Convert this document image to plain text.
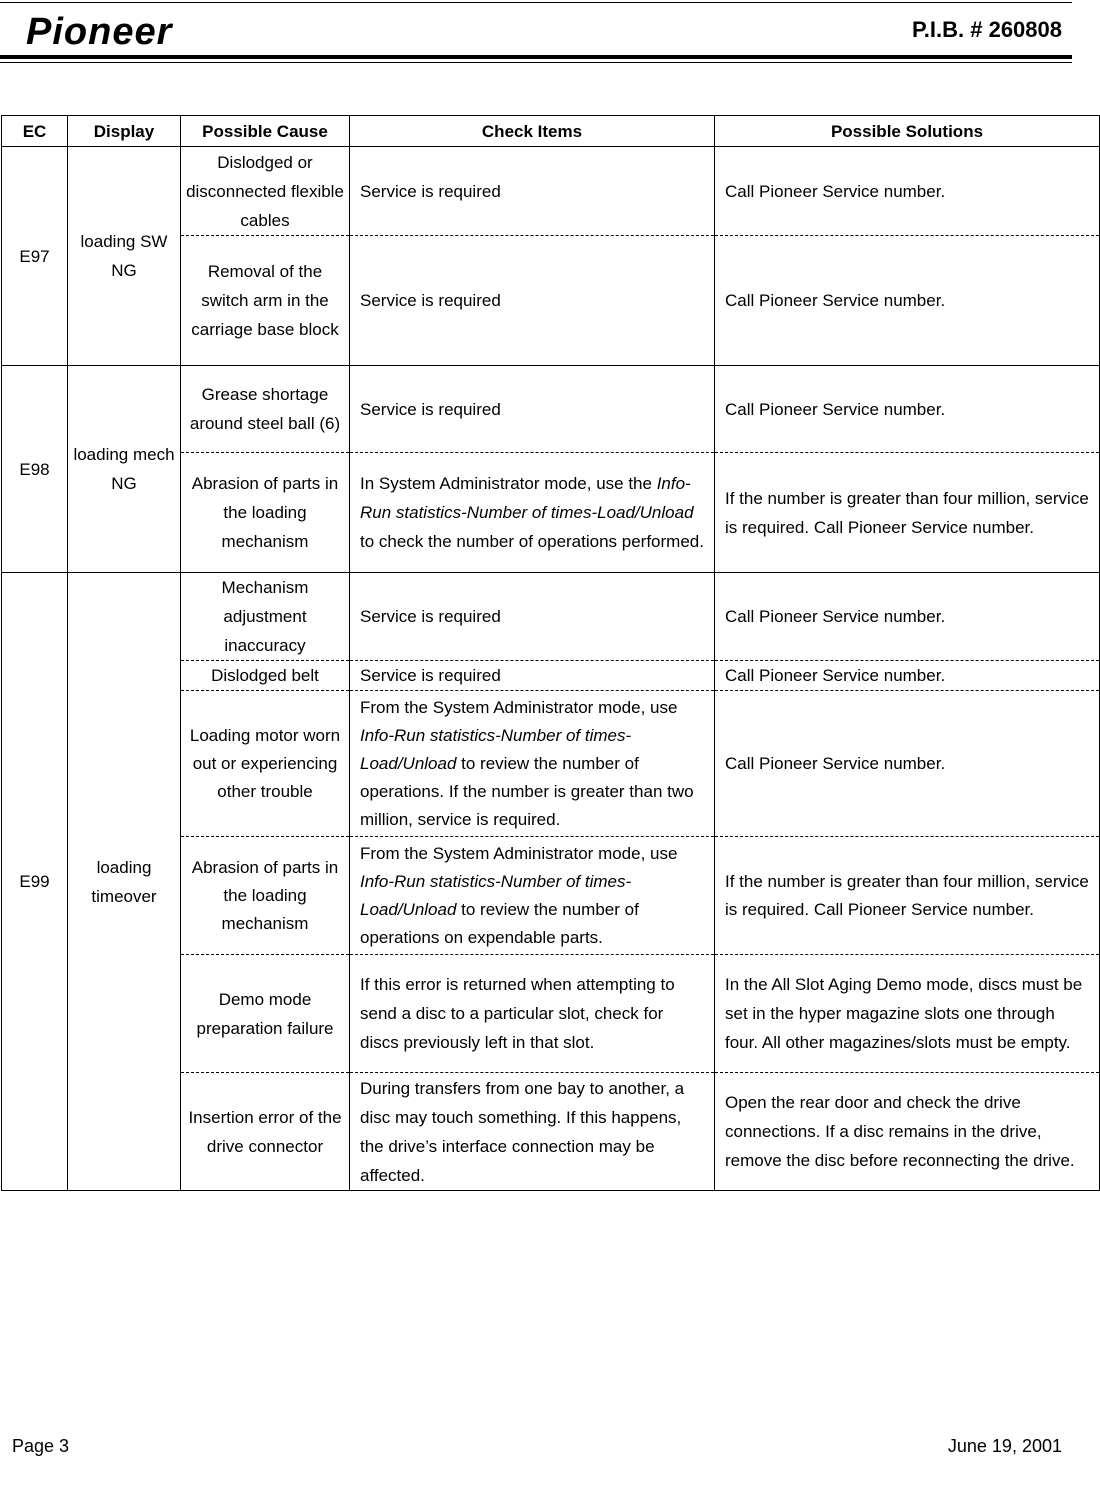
Pioneer	P.I.B. # 260808
EC	Display	Possible Cause	Check Items	Possible Solutions
E97	loading SW NG	Dislodged or disconnected flexible cables	Service is required	Call Pioneer Service number.
		Removal of the switch arm in the carriage base block	Service is required	Call Pioneer Service number.
E98	loading mech NG	Grease shortage around steel ball (6)	Service is required	Call Pioneer Service number.
		Abrasion of parts in the loading mechanism	In System Administrator mode, use the Info-Run statistics-Number of times-Load/Unload to check the number of operations performed.	If the number is greater than four million, service is required. Call Pioneer Service number.
E99	loading timeover	Mechanism adjustment inaccuracy	Service is required	Call Pioneer Service number.
		Dislodged belt	Service is required	Call Pioneer Service number.
		Loading motor worn out or experiencing other trouble	From the System Administrator mode, use Info-Run statistics-Number of times-Load/Unload to review the number of operations. If the number is greater than two million, service is required.	Call Pioneer Service number.
		Abrasion of parts in the loading mechanism	From the System Administrator mode, use Info-Run statistics-Number of times-Load/Unload to review the number of operations on expendable parts.	If the number is greater than four million, service is required. Call Pioneer Service number.
		Demo mode preparation failure	If this error is returned when attempting to send a disc to a particular slot, check for discs previously left in that slot.	In the All Slot Aging Demo mode, discs must be set in the hyper magazine slots one through four. All other magazines/slots must be empty.
		Insertion error of the drive connector	During transfers from one bay to another, a disc may touch something. If this happens, the drive’s interface connection may be affected.	Open the rear door and check the drive connections. If a disc remains in the drive, remove the disc before reconnecting the drive.
Page 3	June 19, 2001
